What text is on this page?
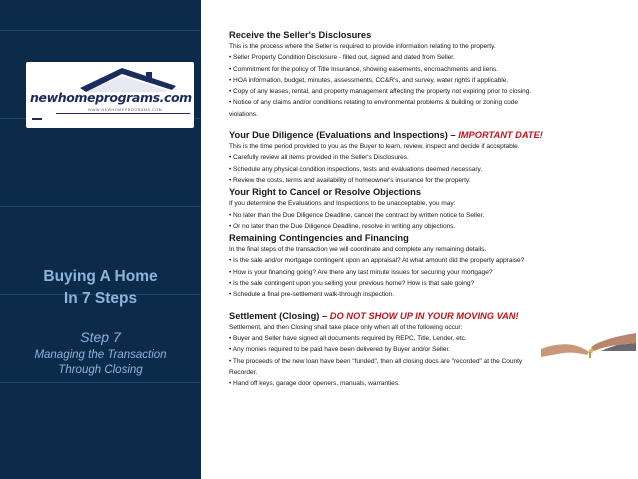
newhomeprograms.com
WWW.NEWHOMEPROGRAMS.COM
Buying A Home
In 7 Steps
Step 7
Managing the Transaction
Through Closing
Receive the Seller's Disclosures
This is the process where the Seller is required to provide information relating to the property.
• Seller Property Condition Disclosure - filled out, signed and dated from Seller.
• Commitment for the policy of Title Insurance, showing easements, encroachments and liens.
• HOA information, budget, minutes, assessments, CC&R's, and survey, water rights if applicable.
• Copy of any leases, rental, and property management affecting the property not expiring prior to closing.
• Notice of any claims and/or conditions relating to environmental problems & building or zoning code
violations.
Your Due Diligence (Evaluations and Inspections) – IMPORTANT DATE!
This is the time period provided to you as the Buyer to learn, review, inspect and decide if acceptable.
• Carefully review all items provided in the Seller's Disclosures.
• Schedule any physical condition inspections, tests and evaluations deemed necessary.
• Review the costs, terms and availability of homeowner's insurance for the property.
Your Right to Cancel or Resolve Objections
If you determine the Evaluations and Inspections to be unacceptable, you may:
• No later than the Due Diligence Deadline, cancel the contract by written notice to Seller.
• Or no later than the Due Diligence Deadline, resolve in writing any objections.
Remaining Contingencies and Financing
In the final steps of the transaction we will coordinate and complete any remaining details.
• Is the sale and/or mortgage contingent upon an appraisal? At what amount did the property appraise?
• How is your financing going? Are there any last minute issues for securing your mortgage?
• Is the sale contingent upon you selling your previous home? How is that sale going?
• Schedule a final pre-settlement walk-through inspection.
Settlement (Closing) – DO NOT SHOW UP IN YOUR MOVING VAN!
Settlement, and then Closing shall take place only when all of the following occur:
• Buyer and Seller have signed all documents required by REPC, Title, Lender, etc.
• Any monies required to be paid have been delivered by Buyer and/or Seller.
• The proceeds of the new loan have been "funded", then all closing docs are "recorded" at the County
Recorder.
• Hand off keys, garage door openers, manuals, warranties.
